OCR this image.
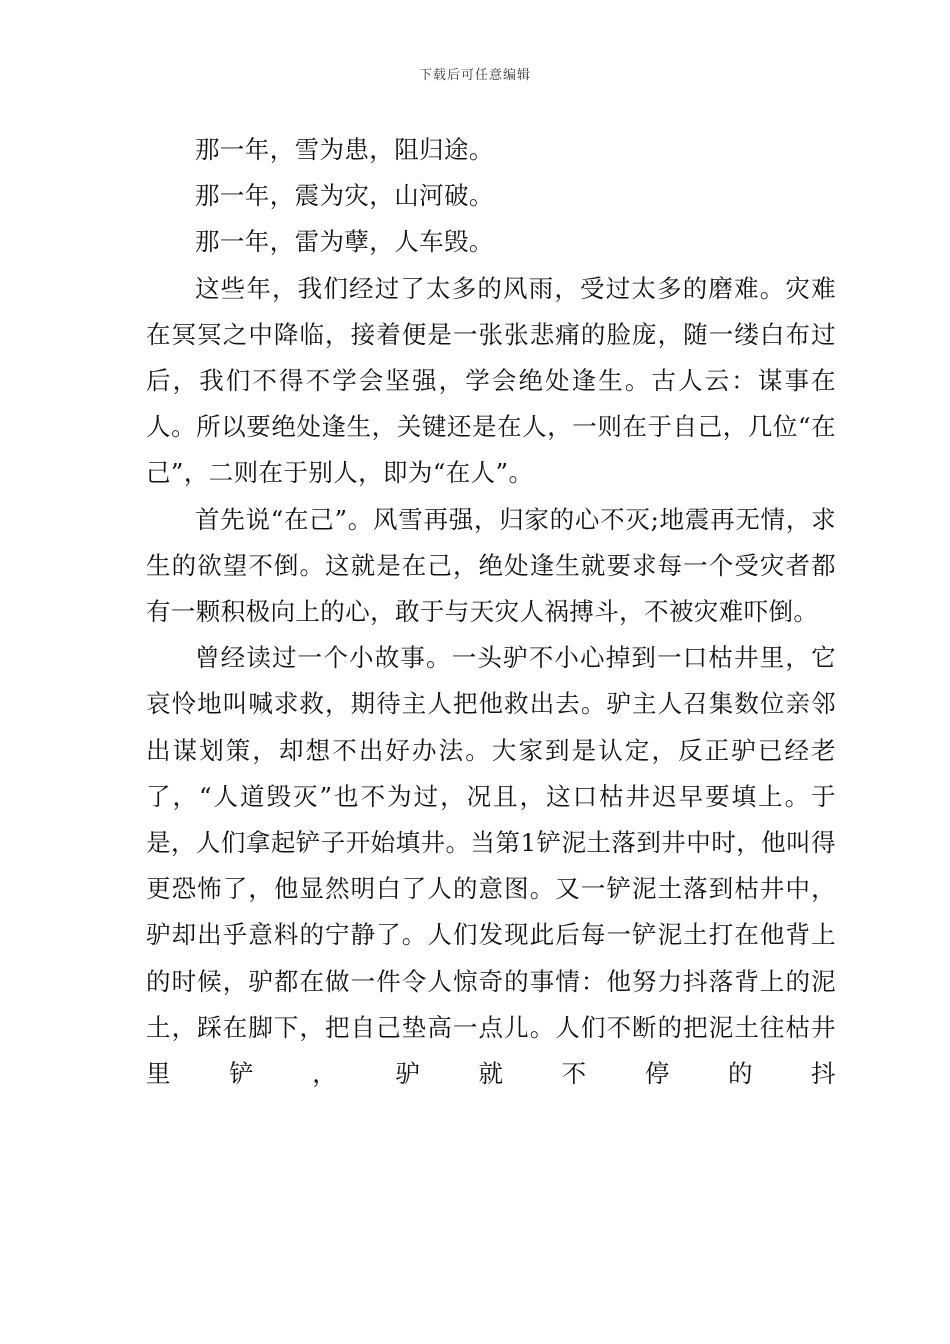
下载后可任意编辑

那一年，雪为患，阻归途。

那一年，震为灾，山河破。

那一年，雷为孽，人车毁。

这些年，我们经过了太多的风雨，受过太多的磨难。灾难在冥冥之中降临，接着便是一张张悲痛的脸庞，随一缕白布过后，我们不得不学会坚强，学会绝处逢生。古人云：谋事在人。所以要绝处逢生，关键还是在人，一则在于自己，几位“在己”，二则在于别人，即为“在人”。

首先说“在己”。风雪再强，归家的心不灭;地震再无情，求生的欲望不倒。这就是在己，绝处逢生就要求每一个受灾者都有一颗积极向上的心，敢于与天灾人祸搏斗，不被灾难吓倒。

曾经读过一个小故事。一头驴不小心掉到一口枯井里，它哀怜地叫喊求救，期待主人把他救出去。驴主人召集数位亲邻出谋划策，却想不出好办法。大家到是认定，反正驴已经老了，“人道毁灭”也不为过，况且，这口枯井迟早要填上。于是，人们拿起铲子开始填井。当第1铲泥土落到井中时，他叫得更恐怖了，他显然明白了人的意图。又一铲泥土落到枯井中，驴却出乎意料的宁静了。人们发现此后每一铲泥土打在他背上的时候，驴都在做一件令人惊奇的事情：他努力抖落背上的泥土，踩在脚下，把自己垫高一点儿。人们不断的把泥土往枯井里铲，驴就不停的抖
